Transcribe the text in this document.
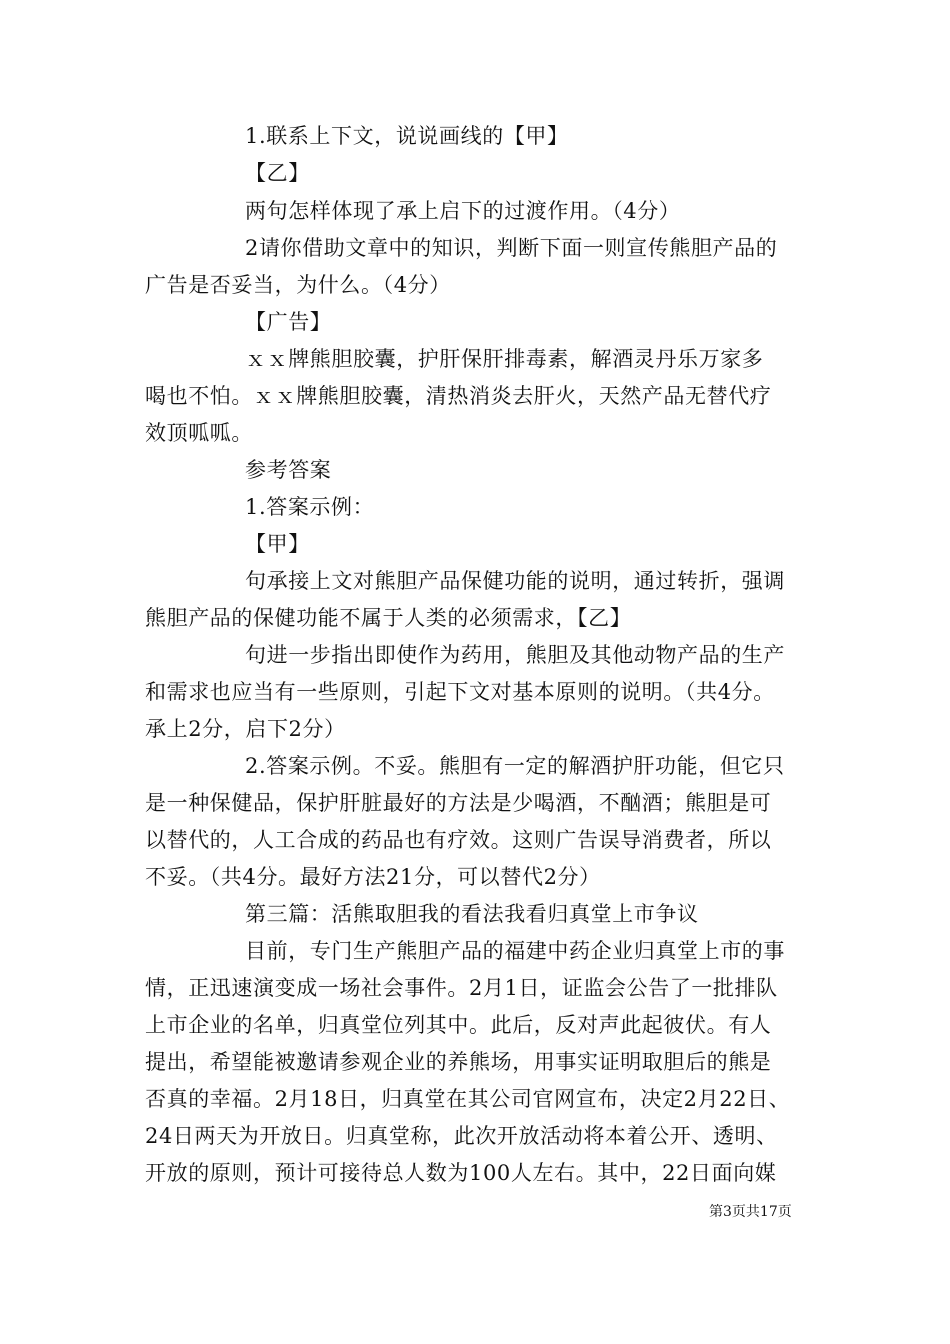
1.联系上下文，说说画线的【甲】
【乙】
两句怎样体现了承上启下的过渡作用。（4分）
2请你借助文章中的知识，判断下面一则宣传熊胆产品的
广告是否妥当，为什么。（4分）
【广告】
ｘｘ牌熊胆胶囊，护肝保肝排毒素，解酒灵丹乐万家多
喝也不怕。ｘｘ牌熊胆胶囊，清热消炎去肝火，天然产品无替代疗
效顶呱呱。
参考答案
1.答案示例：
【甲】
句承接上文对熊胆产品保健功能的说明，通过转折，强调
熊胆产品的保健功能不属于人类的必须需求，【乙】
句进一步指出即使作为药用，熊胆及其他动物产品的生产
和需求也应当有一些原则，引起下文对基本原则的说明。（共4分。
承上2分，启下2分）
2.答案示例。不妥。熊胆有一定的解酒护肝功能，但它只
是一种保健品，保护肝脏最好的方法是少喝酒，不酗酒；熊胆是可
以替代的，人工合成的药品也有疗效。这则广告误导消费者，所以
不妥。（共4分。最好方法21分，可以替代2分）
第三篇：活熊取胆我的看法我看归真堂上市争议
目前，专门生产熊胆产品的福建中药企业归真堂上市的事
情，正迅速演变成一场社会事件。2月1日，证监会公告了一批排队
上市企业的名单，归真堂位列其中。此后，反对声此起彼伏。有人
提出，希望能被邀请参观企业的养熊场，用事实证明取胆后的熊是
否真的幸福。2月18日，归真堂在其公司官网宣布，决定2月22日、
24日两天为开放日。归真堂称，此次开放活动将本着公开、透明、
开放的原则，预计可接待总人数为100人左右。其中，22日面向媒
第3页共17页
